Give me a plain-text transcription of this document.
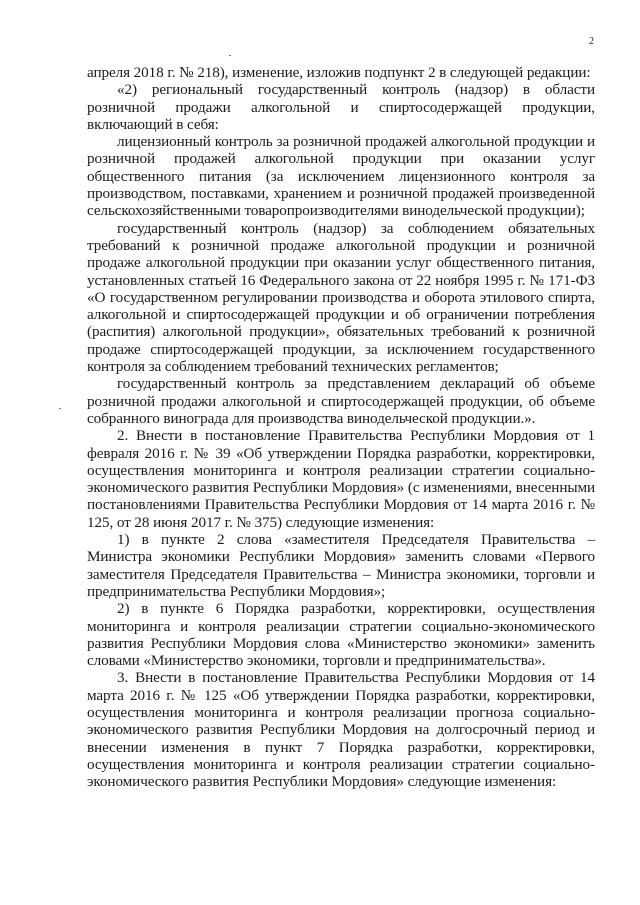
2

апреля 2018 г. № 218), изменение, изложив подпункт 2 в следующей редакции:

«2) региональный государственный контроль (надзор) в области розничной продажи алкогольной и спиртосодержащей продукции, включающий в себя:

лицензионный контроль за розничной продажей алкогольной продукции и розничной продажей алкогольной продукции при оказании услуг общественного питания (за исключением лицензионного контроля за производством, поставками, хранением и розничной продажей произведенной сельскохозяйственными товаропроизводителями винодельческой продукции);

государственный контроль (надзор) за соблюдением обязательных требований к розничной продаже алкогольной продукции и розничной продаже алкогольной продукции при оказании услуг общественного питания, установленных статьей 16 Федерального закона от 22 ноября 1995 г. № 171-ФЗ «О государственном регулировании производства и оборота этилового спирта, алкогольной и спиртосодержащей продукции и об ограничении потребления (распития) алкогольной продукции», обязательных требований к розничной продаже спиртосодержащей продукции, за исключением государственного контроля за соблюдением требований технических регламентов;

государственный контроль за представлением деклараций об объеме розничной продажи алкогольной и спиртосодержащей продукции, об объеме собранного винограда для производства винодельческой продукции.».

2. Внести в постановление Правительства Республики Мордовия от 1 февраля 2016 г. № 39 «Об утверждении Порядка разработки, корректировки, осуществления мониторинга и контроля реализации стратегии социально-экономического развития Республики Мордовия» (с изменениями, внесенными постановлениями Правительства Республики Мордовия от 14 марта 2016 г. № 125, от 28 июня 2017 г. № 375) следующие изменения:

1) в пункте 2 слова «заместителя Председателя Правительства – Министра экономики Республики Мордовия» заменить словами «Первого заместителя Председателя Правительства – Министра экономики, торговли и предпринимательства Республики Мордовия»;

2) в пункте 6 Порядка разработки, корректировки, осуществления мониторинга и контроля реализации стратегии социально-экономического развития Республики Мордовия слова «Министерство экономики» заменить словами «Министерство экономики, торговли и предпринимательства».

3. Внести в постановление Правительства Республики Мордовия от 14 марта 2016 г. № 125 «Об утверждении Порядка разработки, корректировки, осуществления мониторинга и контроля реализации прогноза социально-экономического развития Республики Мордовия на долгосрочный период и внесении изменения в пункт 7 Порядка разработки, корректировки, осуществления мониторинга и контроля реализации стратегии социально-экономического развития Республики Мордовия» следующие изменения:
